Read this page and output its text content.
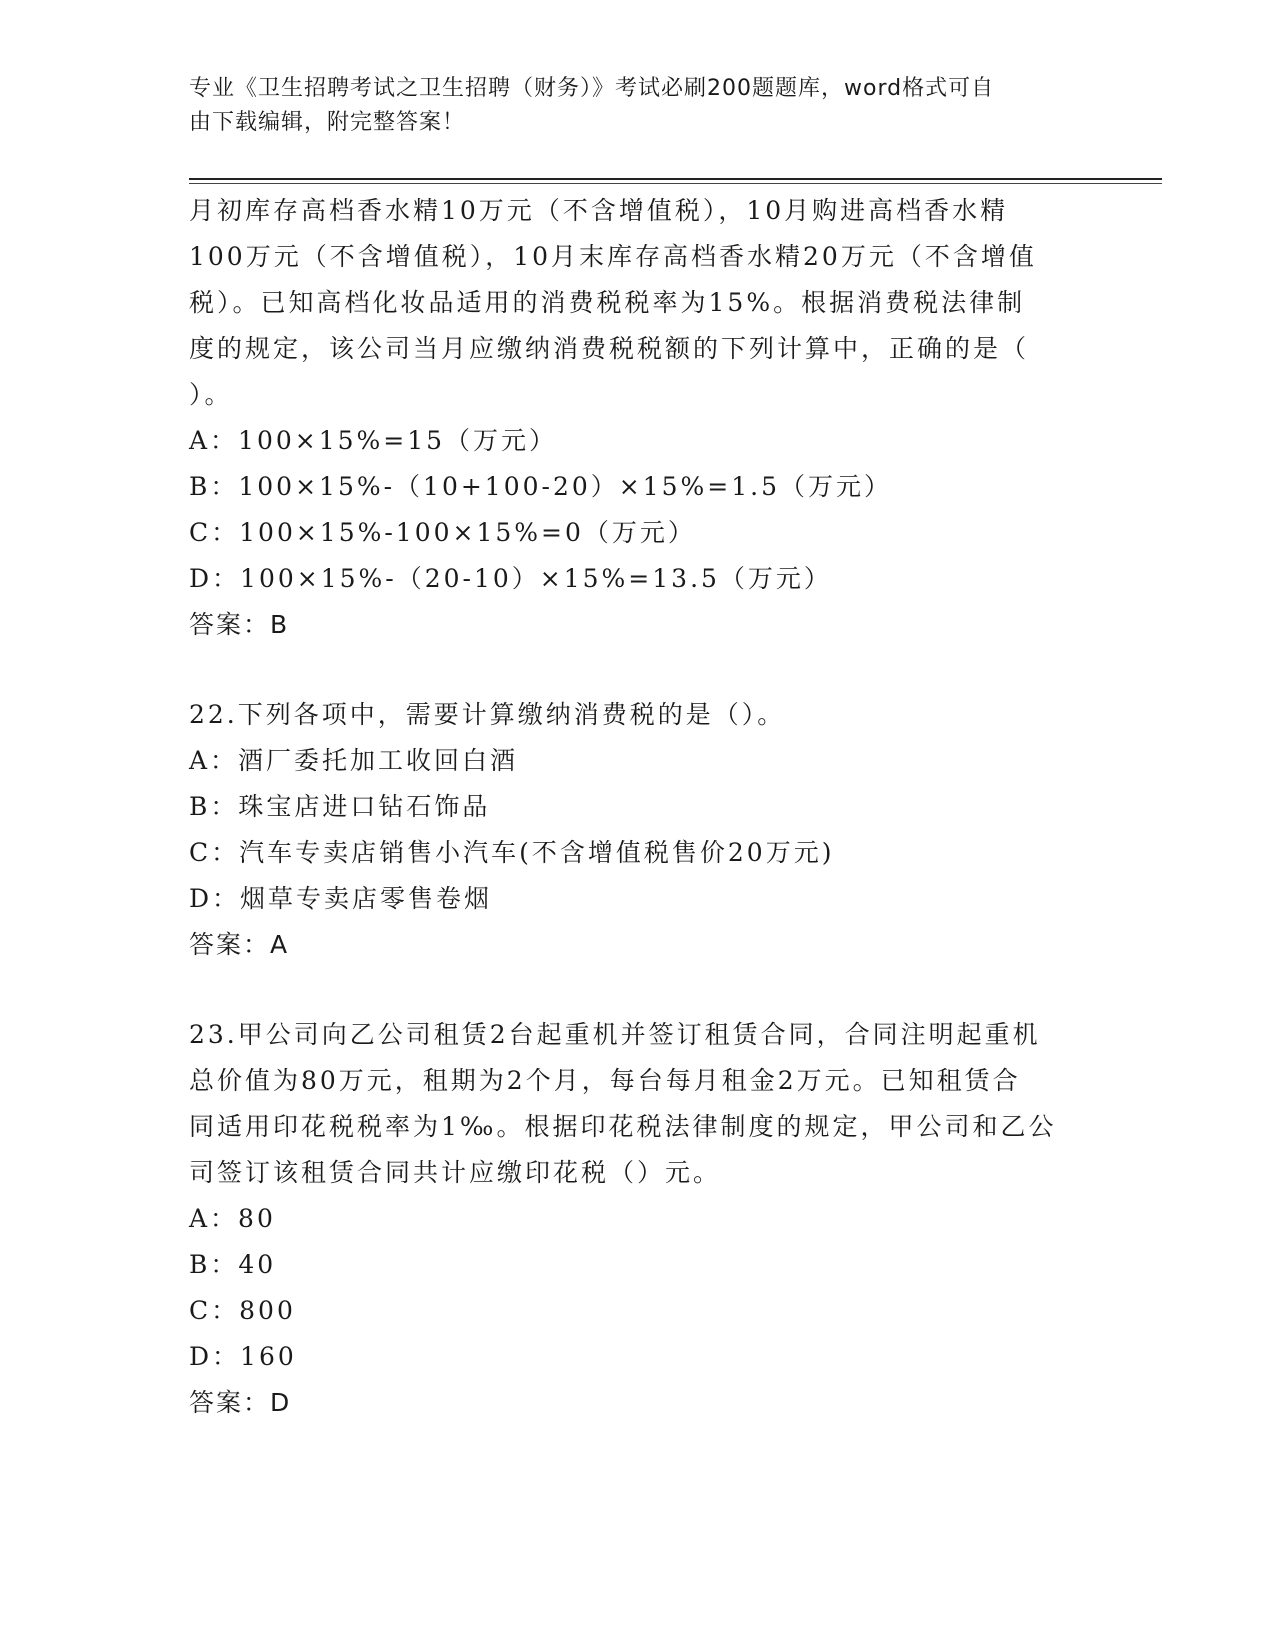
专业《卫生招聘考试之卫生招聘（财务）》考试必刷200题题库，word格式可自
由下载编辑，附完整答案！
月初库存高档香水精10万元（不含增值税），10月购进高档香水精
100万元（不含增值税），10月末库存高档香水精20万元（不含增值
税）。已知高档化妆品适用的消费税税率为15%。根据消费税法律制
度的规定，该公司当月应缴纳消费税税额的下列计算中，正确的是（
）。
A：100×15%=15（万元）
B：100×15%-（10+100-20）×15%=1.5（万元）
C：100×15%-100×15%=0（万元）
D：100×15%-（20-10）×15%=13.5（万元）
答案：B
22.下列各项中，需要计算缴纳消费税的是（）。
A：酒厂委托加工收回白酒
B：珠宝店进口钻石饰品
C：汽车专卖店销售小汽车(不含增值税售价20万元)
D：烟草专卖店零售卷烟
答案：A
23.甲公司向乙公司租赁2台起重机并签订租赁合同，合同注明起重机
总价值为80万元，租期为2个月，每台每月租金2万元。已知租赁合
同适用印花税税率为1‰。根据印花税法律制度的规定，甲公司和乙公
司签订该租赁合同共计应缴印花税（）元。
A：80
B：40
C：800
D：160
答案：D
